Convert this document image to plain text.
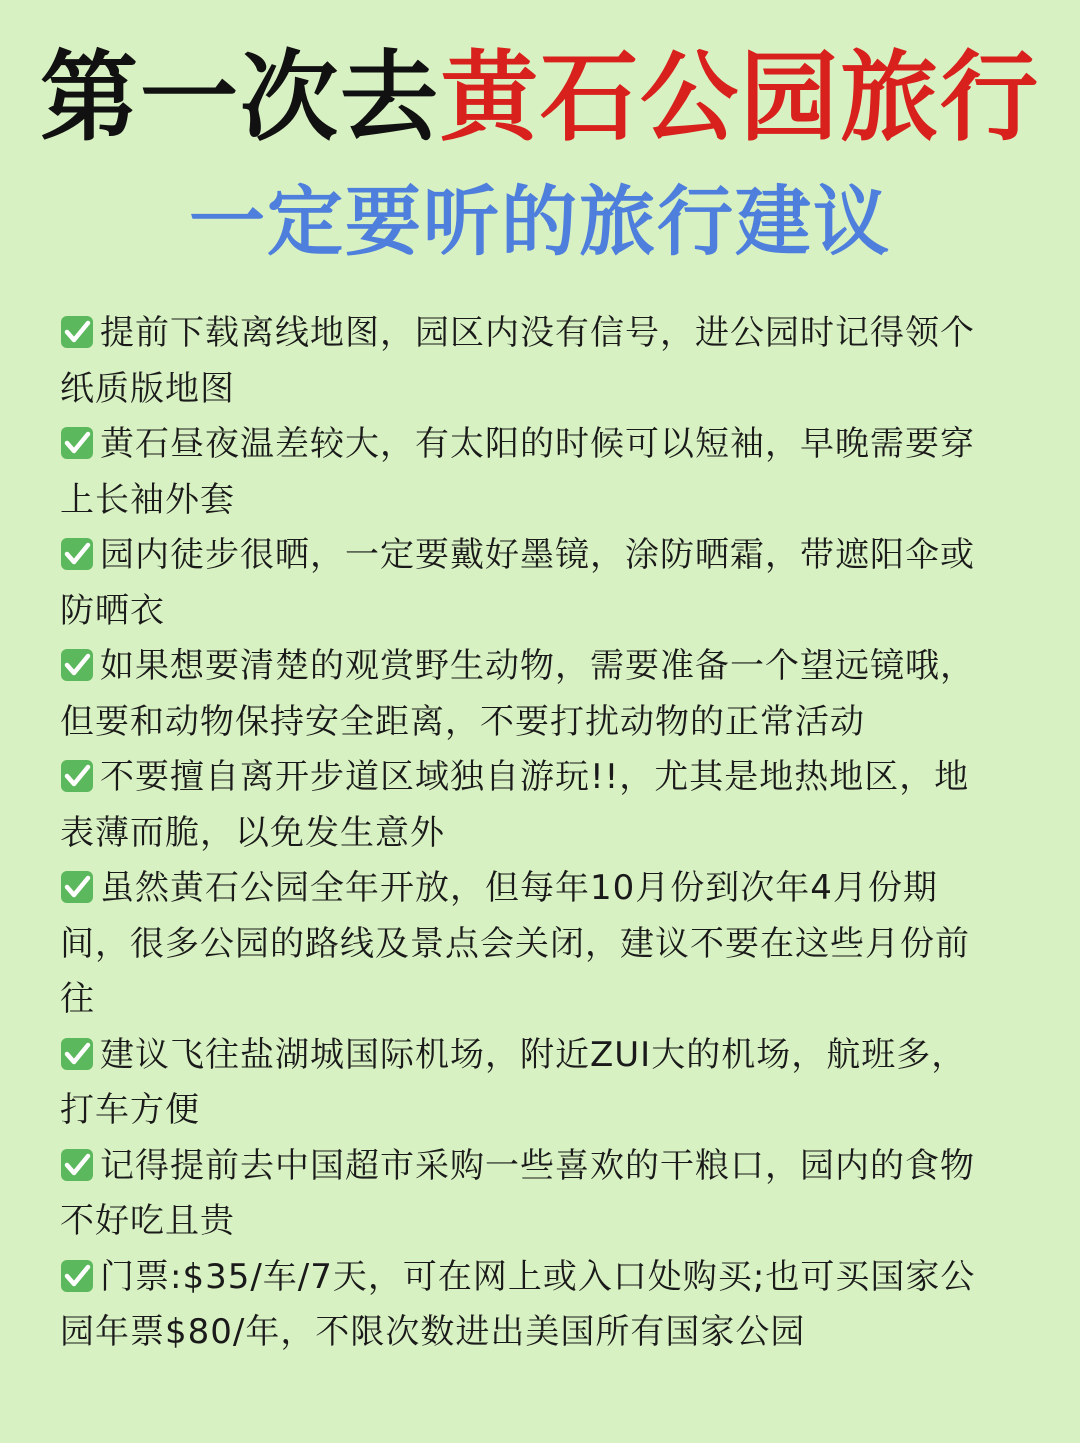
第一次去黄石公园旅行
一定要听的旅行建议
提前下载离线地图，园区内没有信号，进公园时记得领个纸质版地图
黄石昼夜温差较大，有太阳的时候可以短袖，早晚需要穿上长袖外套
园内徒步很晒，一定要戴好墨镜，涂防晒霜，带遮阳伞或防晒衣
如果想要清楚的观赏野生动物，需要准备一个望远镜哦，但要和动物保持安全距离，不要打扰动物的正常活动
不要擅自离开步道区域独自游玩!!，尤其是地热地区，地表薄而脆，以免发生意外
虽然黄石公园全年开放，但每年10月份到次年4月份期间，很多公园的路线及景点会关闭，建议不要在这些月份前往
建议飞往盐湖城国际机场，附近ZUI大的机场，航班多，打车方便
记得提前去中国超市采购一些喜欢的干粮口，园内的食物不好吃且贵
门票:$35/车/7天，可在网上或入口处购买;也可买国家公园年票$80/年，不限次数进出美国所有国家公园
